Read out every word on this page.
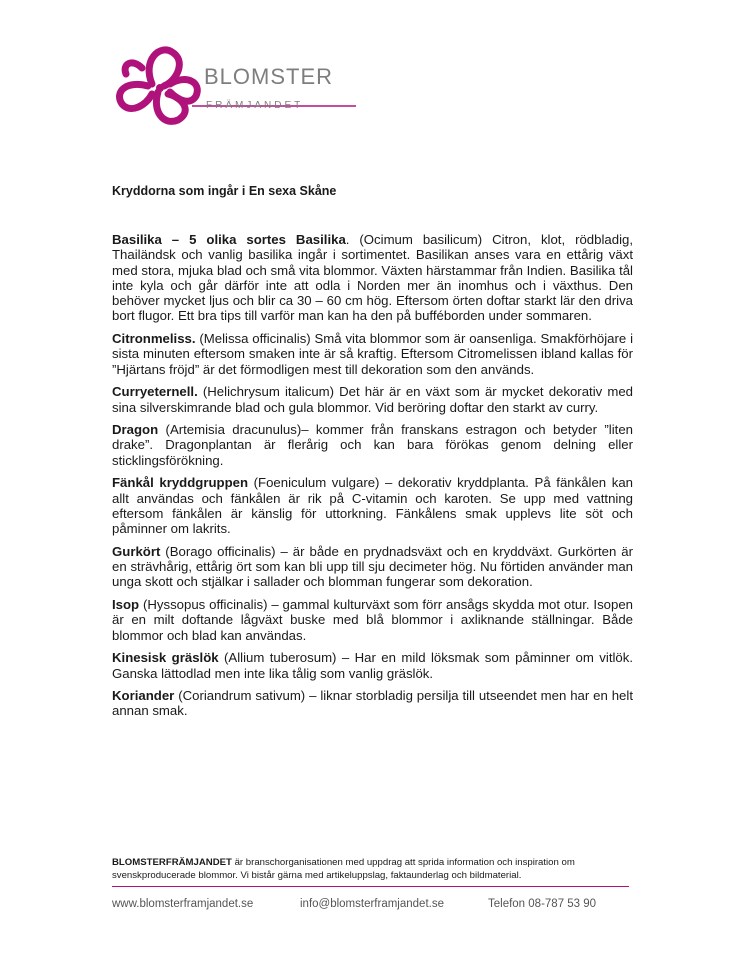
BLOMSTER
FRÄMJANDET
Kryddorna som ingår i En sexa Skåne

Basilika – 5 olika sortes Basilika. (Ocimum basilicum) Citron, klot, rödbladig, Thailändsk och vanlig basilika ingår i sortimentet. Basilikan anses vara en ettårig växt med stora, mjuka blad och små vita blommor. Växten härstammar från Indien. Basilika tål inte kyla och går därför inte att odla i Norden mer än inomhus och i växthus. Den behöver mycket ljus och blir ca 30 – 60 cm hög. Eftersom örten doftar starkt lär den driva bort flugor. Ett bra tips till varför man kan ha den på bufféborden under sommaren.

Citronmeliss. (Melissa officinalis) Små vita blommor som är oansenliga. Smakförhöjare i sista minuten eftersom smaken inte är så kraftig. Eftersom Citromelissen ibland kallas för ”Hjärtans fröjd” är det förmodligen mest till dekoration som den används.

Curryeternell. (Helichrysum italicum) Det här är en växt som är mycket dekorativ med sina silverskimrande blad och gula blommor. Vid beröring doftar den starkt av curry.

Dragon (Artemisia dracunulus)– kommer från franskans estragon och betyder ”liten drake”. Dragonplantan är flerårig och kan bara förökas genom delning eller sticklingsförökning.

Fänkål kryddgruppen (Foeniculum vulgare) – dekorativ kryddplanta. På fänkålen kan allt användas och fänkålen är rik på C-vitamin och karoten. Se upp med vattning eftersom fänkålen är känslig för uttorkning. Fänkålens smak upplevs lite söt och påminner om lakrits.

Gurkört (Borago officinalis) – är både en prydnadsväxt och en kryddväxt. Gurkörten är en strävhårig, ettårig ört som kan bli upp till sju decimeter hög. Nu förtiden använder man unga skott och stjälkar i sallader och blomman fungerar som dekoration.

Isop (Hyssopus officinalis) – gammal kulturväxt som förr ansågs skydda mot otur. Isopen är en milt doftande lågväxt buske med blå blommor i axliknande ställningar. Både blommor och blad kan användas.

Kinesisk gräslök (Allium tuberosum) – Har en mild löksmak som påminner om vitlök. Ganska lättodlad men inte lika tålig som vanlig gräslök.

Koriander (Coriandrum sativum) – liknar storbladig persilja till utseendet men har en helt annan smak.

BLOMSTERFRÄMJANDET är branschorganisationen med uppdrag att sprida information och inspiration om svenskproducerade blommor. Vi bistår gärna med artikeluppslag, faktaunderlag och bildmaterial.
www.blomsterframjandet.se	info@blomsterframjandet.se	Telefon 08-787 53 90
